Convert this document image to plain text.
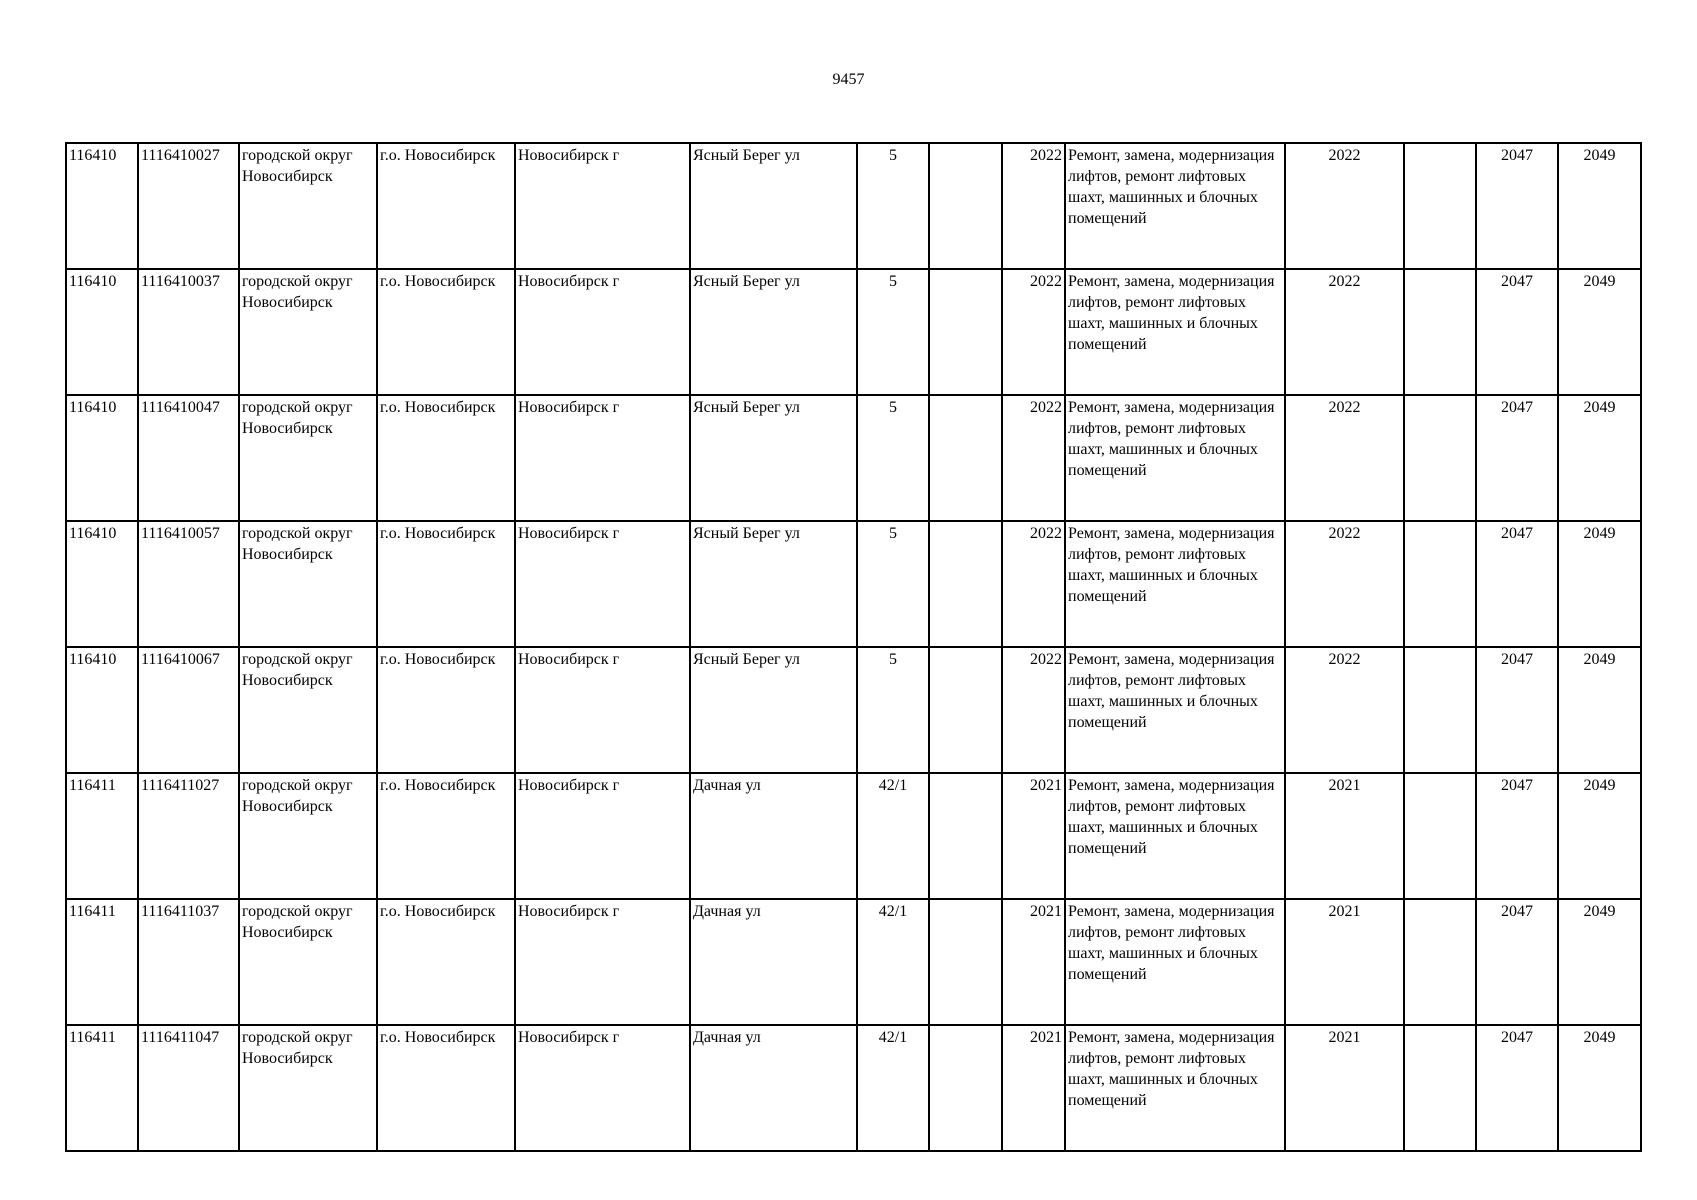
9457
116410	1116410027	городской округ Новосибирск	г.о. Новосибирск	Новосибирск г	Ясный Берег ул	5		2022	Ремонт, замена, модернизация лифтов, ремонт лифтовых шахт, машинных и блочных помещений	2022		2047	2049
116410	1116410037	городской округ Новосибирск	г.о. Новосибирск	Новосибирск г	Ясный Берег ул	5		2022	Ремонт, замена, модернизация лифтов, ремонт лифтовых шахт, машинных и блочных помещений	2022		2047	2049
116410	1116410047	городской округ Новосибирск	г.о. Новосибирск	Новосибирск г	Ясный Берег ул	5		2022	Ремонт, замена, модернизация лифтов, ремонт лифтовых шахт, машинных и блочных помещений	2022		2047	2049
116410	1116410057	городской округ Новосибирск	г.о. Новосибирск	Новосибирск г	Ясный Берег ул	5		2022	Ремонт, замена, модернизация лифтов, ремонт лифтовых шахт, машинных и блочных помещений	2022		2047	2049
116410	1116410067	городской округ Новосибирск	г.о. Новосибирск	Новосибирск г	Ясный Берег ул	5		2022	Ремонт, замена, модернизация лифтов, ремонт лифтовых шахт, машинных и блочных помещений	2022		2047	2049
116411	1116411027	городской округ Новосибирск	г.о. Новосибирск	Новосибирск г	Дачная ул	42/1		2021	Ремонт, замена, модернизация лифтов, ремонт лифтовых шахт, машинных и блочных помещений	2021		2047	2049
116411	1116411037	городской округ Новосибирск	г.о. Новосибирск	Новосибирск г	Дачная ул	42/1		2021	Ремонт, замена, модернизация лифтов, ремонт лифтовых шахт, машинных и блочных помещений	2021		2047	2049
116411	1116411047	городской округ Новосибирск	г.о. Новосибирск	Новосибирск г	Дачная ул	42/1		2021	Ремонт, замена, модернизация лифтов, ремонт лифтовых шахт, машинных и блочных помещений	2021		2047	2049
